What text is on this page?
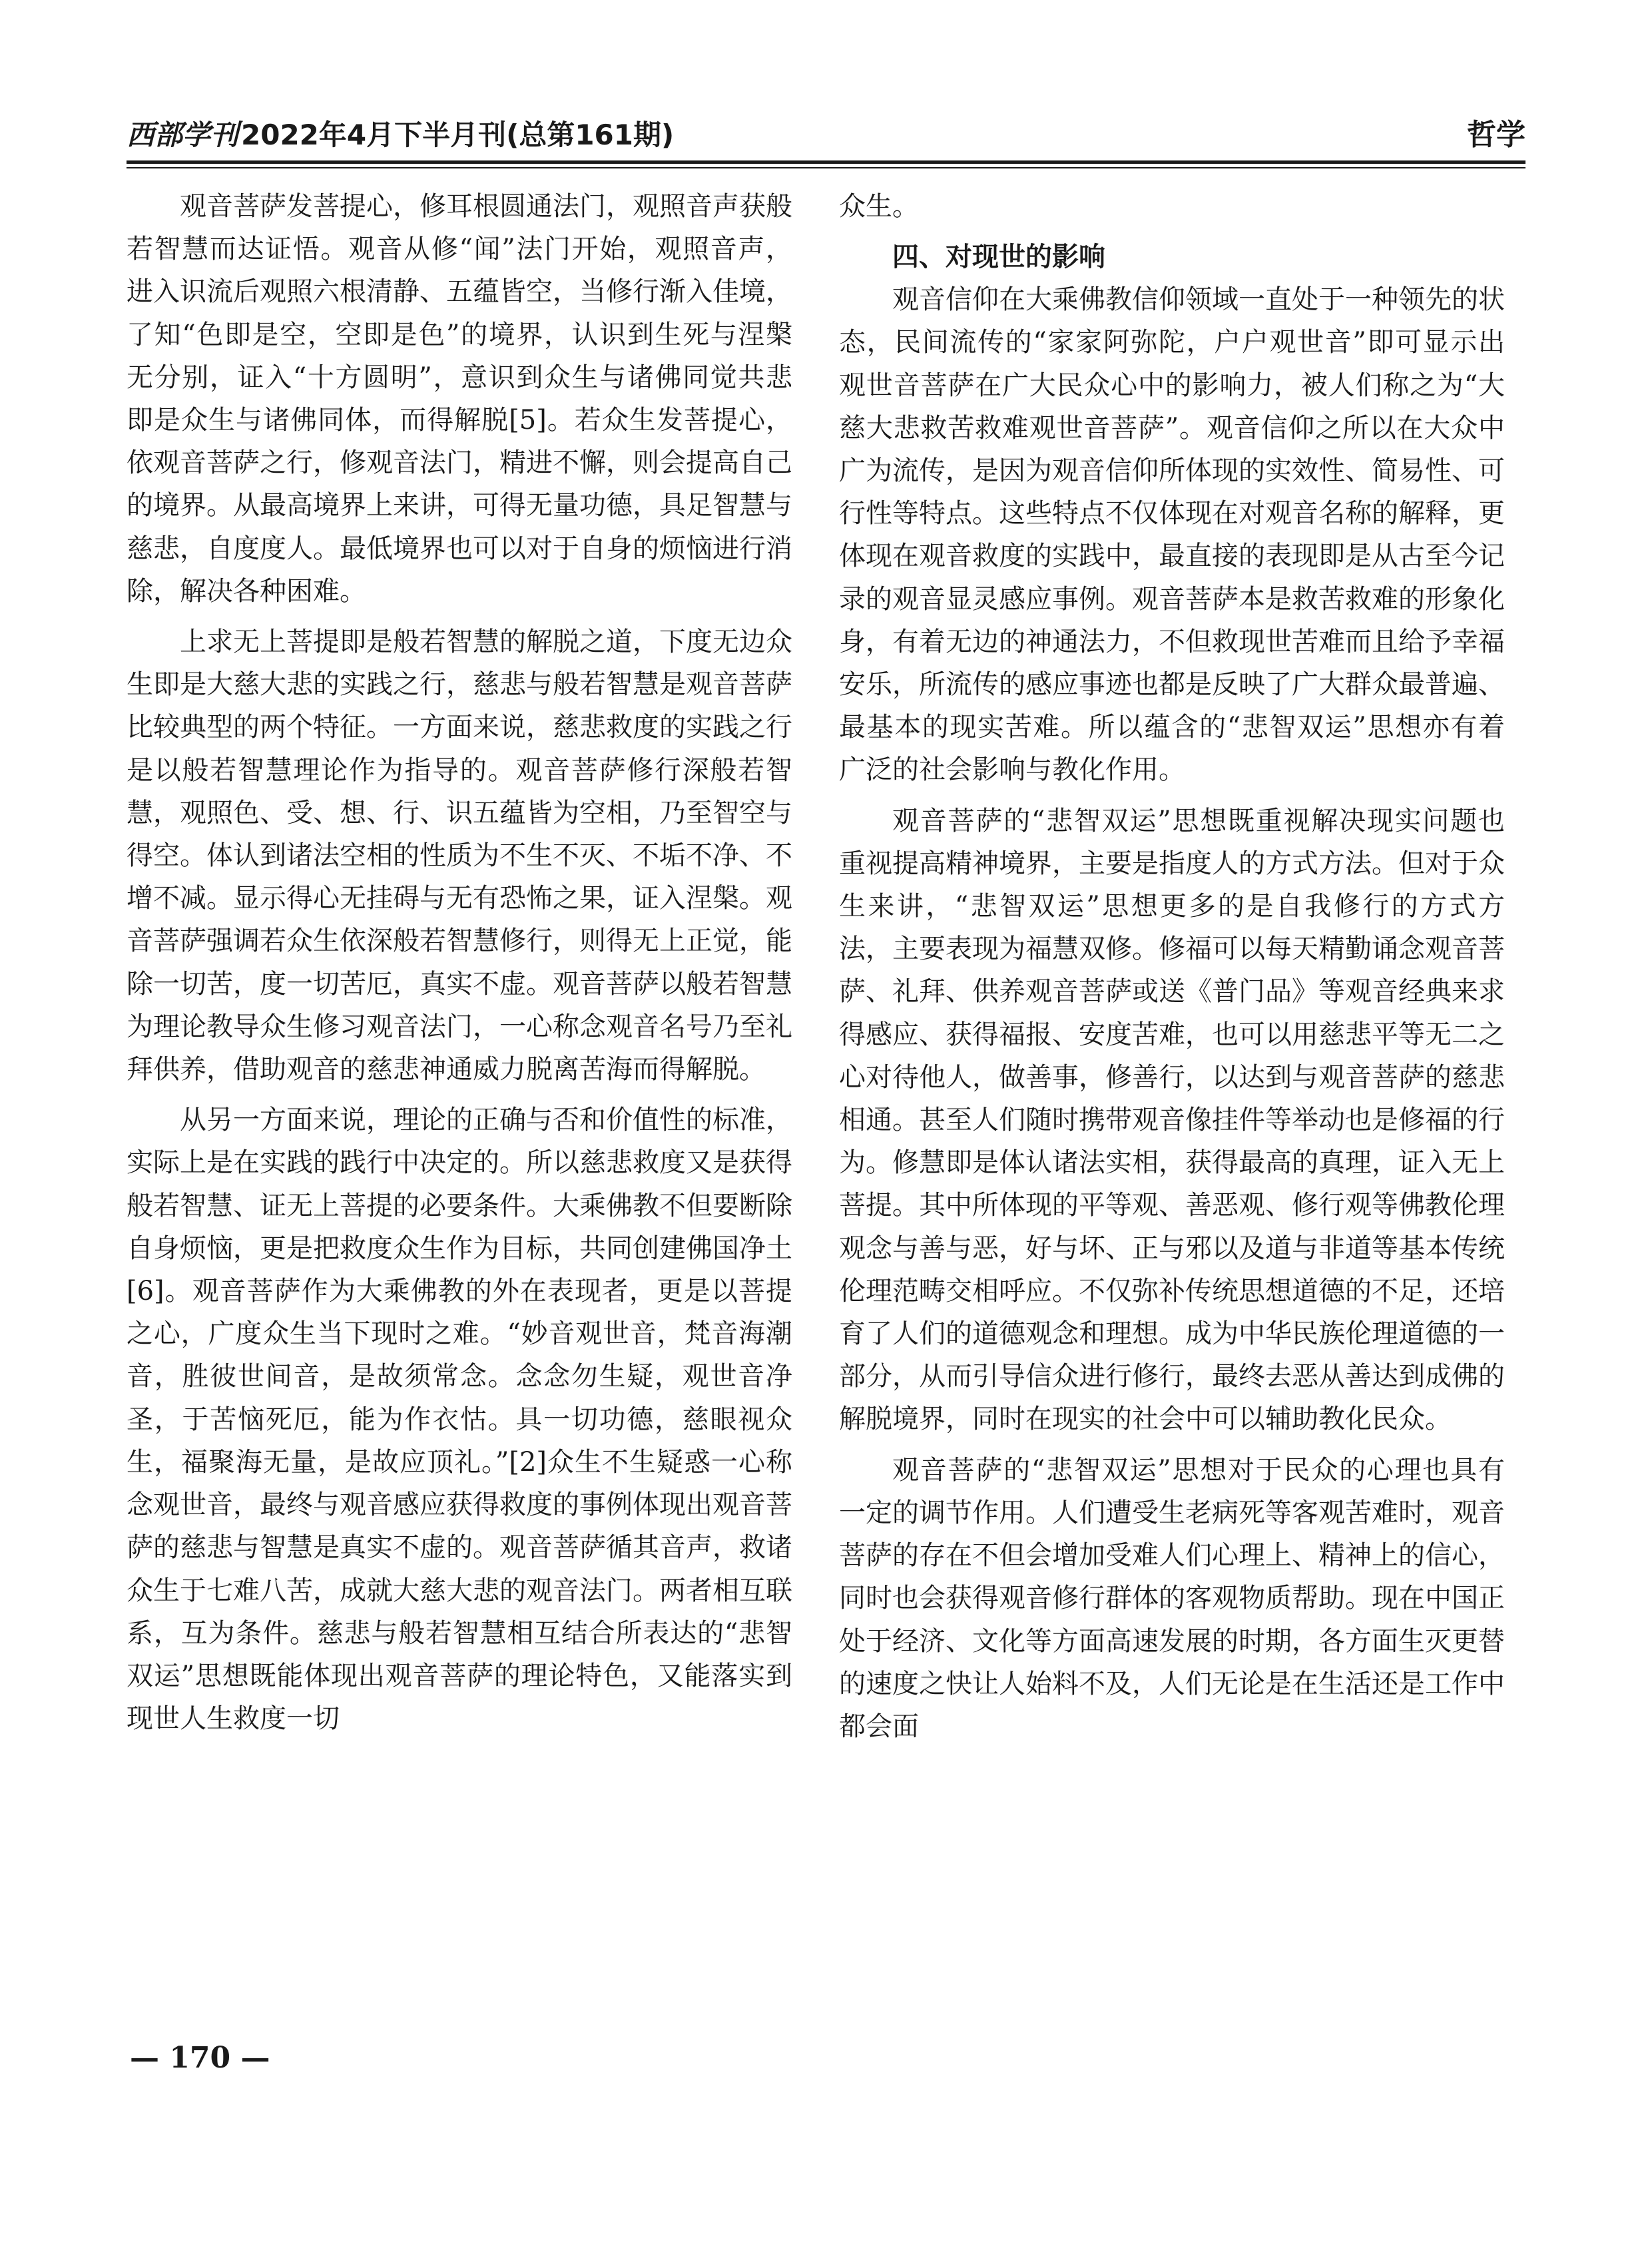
西部学刊2022年4月下半月刊(总第161期)	哲学

观音菩萨发菩提心，修耳根圆通法门，观照音声获般若智慧而达证悟。观音从修“闻”法门开始，观照音声，进入识流后观照六根清静、五蕴皆空，当修行渐入佳境，了知“色即是空，空即是色”的境界，认识到生死与涅槃无分别，证入“十方圆明”，意识到众生与诸佛同觉共悲即是众生与诸佛同体，而得解脱[5]。若众生发菩提心，依观音菩萨之行，修观音法门，精进不懈，则会提高自己的境界。从最高境界上来讲，可得无量功德，具足智慧与慈悲，自度度人。最低境界也可以对于自身的烦恼进行消除，解决各种困难。

上求无上菩提即是般若智慧的解脱之道，下度无边众生即是大慈大悲的实践之行，慈悲与般若智慧是观音菩萨比较典型的两个特征。一方面来说，慈悲救度的实践之行是以般若智慧理论作为指导的。观音菩萨修行深般若智慧，观照色、受、想、行、识五蕴皆为空相，乃至智空与得空。体认到诸法空相的性质为不生不灭、不垢不净、不增不减。显示得心无挂碍与无有恐怖之果，证入涅槃。观音菩萨强调若众生依深般若智慧修行，则得无上正觉，能除一切苦，度一切苦厄，真实不虚。观音菩萨以般若智慧为理论教导众生修习观音法门，一心称念观音名号乃至礼拜供养，借助观音的慈悲神通威力脱离苦海而得解脱。

从另一方面来说，理论的正确与否和价值性的标准，实际上是在实践的践行中决定的。所以慈悲救度又是获得般若智慧、证无上菩提的必要条件。大乘佛教不但要断除自身烦恼，更是把救度众生作为目标，共同创建佛国净土[6]。观音菩萨作为大乘佛教的外在表现者，更是以菩提之心，广度众生当下现时之难。“妙音观世音，梵音海潮音，胜彼世间音，是故须常念。念念勿生疑，观世音净圣，于苦恼死厄，能为作衣怙。具一切功德，慈眼视众生，福聚海无量，是故应顶礼。”[2]众生不生疑惑一心称念观世音，最终与观音感应获得救度的事例体现出观音菩萨的慈悲与智慧是真实不虚的。观音菩萨循其音声，救诸众生于七难八苦，成就大慈大悲的观音法门。两者相互联系，互为条件。慈悲与般若智慧相互结合所表达的“悲智双运”思想既能体现出观音菩萨的理论特色，又能落实到现世人生救度一切

众生。

四、对现世的影响

观音信仰在大乘佛教信仰领域一直处于一种领先的状态，民间流传的“家家阿弥陀，户户观世音”即可显示出观世音菩萨在广大民众心中的影响力，被人们称之为“大慈大悲救苦救难观世音菩萨”。观音信仰之所以在大众中广为流传，是因为观音信仰所体现的实效性、简易性、可行性等特点。这些特点不仅体现在对观音名称的解释，更体现在观音救度的实践中，最直接的表现即是从古至今记录的观音显灵感应事例。观音菩萨本是救苦救难的形象化身，有着无边的神通法力，不但救现世苦难而且给予幸福安乐，所流传的感应事迹也都是反映了广大群众最普遍、最基本的现实苦难。所以蕴含的“悲智双运”思想亦有着广泛的社会影响与教化作用。

观音菩萨的“悲智双运”思想既重视解决现实问题也重视提高精神境界，主要是指度人的方式方法。但对于众生来讲，“悲智双运”思想更多的是自我修行的方式方法，主要表现为福慧双修。修福可以每天精勤诵念观音菩萨、礼拜、供养观音菩萨或送《普门品》等观音经典来求得感应、获得福报、安度苦难，也可以用慈悲平等无二之心对待他人，做善事，修善行，以达到与观音菩萨的慈悲相通。甚至人们随时携带观音像挂件等举动也是修福的行为。修慧即是体认诸法实相，获得最高的真理，证入无上菩提。其中所体现的平等观、善恶观、修行观等佛教伦理观念与善与恶，好与坏、正与邪以及道与非道等基本传统伦理范畴交相呼应。不仅弥补传统思想道德的不足，还培育了人们的道德观念和理想。成为中华民族伦理道德的一部分，从而引导信众进行修行，最终去恶从善达到成佛的解脱境界，同时在现实的社会中可以辅助教化民众。

观音菩萨的“悲智双运”思想对于民众的心理也具有一定的调节作用。人们遭受生老病死等客观苦难时，观音菩萨的存在不但会增加受难人们心理上、精神上的信心，同时也会获得观音修行群体的客观物质帮助。现在中国正处于经济、文化等方面高速发展的时期，各方面生灭更替的速度之快让人始料不及，人们无论是在生活还是工作中都会面

— 170 —
